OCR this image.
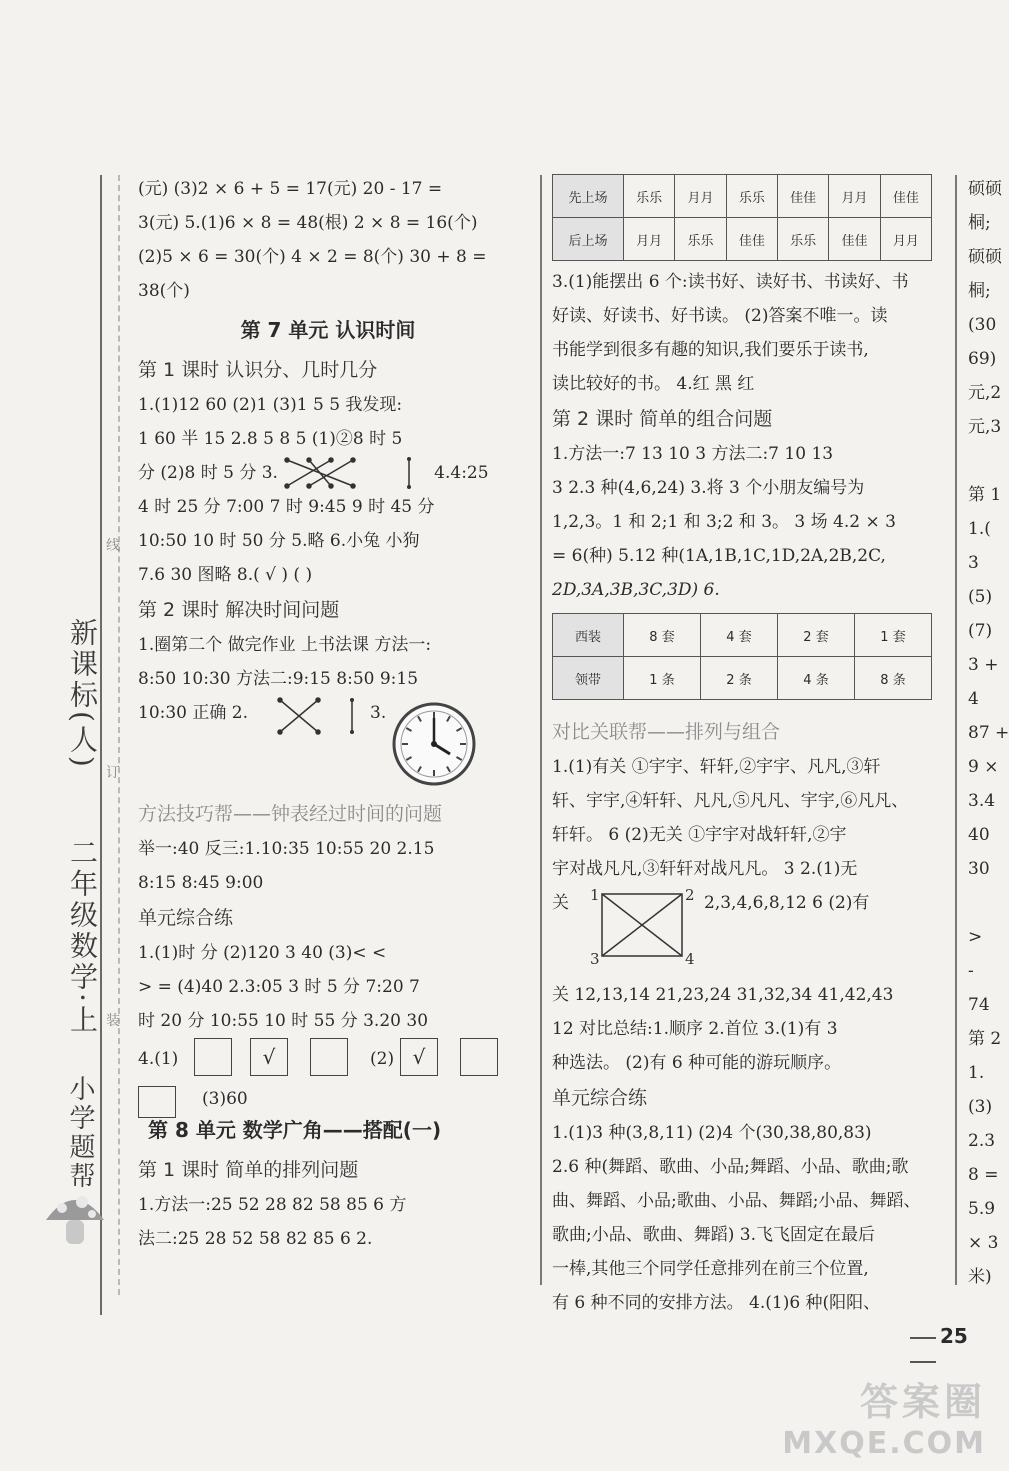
新课标(人)
二年级数学·上
小学题帮
线
订
装
(元) (3)2 × 6 + 5 = 17(元) 20 - 17 =
3(元) 5.(1)6 × 8 = 48(根) 2 × 8 = 16(个)
(2)5 × 6 = 30(个) 4 × 2 = 8(个) 30 + 8 =
38(个)
第 7 单元 认识时间
第 1 课时 认识分、几时几分
1.(1)12 60 (2)1 (3)1 5 5 我发现:
1 60 半 15 2.8 5 8 5 (1)②8 时 5
分 (2)8 时 5 分 3.	4.4:25
4 时 25 分 7:00 7 时 9:45 9 时 45 分
10:50 10 时 50 分 5.略 6.小兔 小狗
7.6 30 图略 8.( √ ) ( )
第 2 课时 解决时间问题
1.圈第二个 做完作业 上书法课 方法一:
8:50 10:30 方法二:9:15 8:50 9:15
10:30 正确 2.	3.
方法技巧帮——钟表经过时间的问题
举一:40 反三:1.10:35 10:55 20 2.15
8:15 8:45 9:00
单元综合练
1.(1)时 分 (2)120 3 40 (3)< <
> = (4)40 2.3:05 3 时 5 分 7:20 7
时 20 分 10:55 10 时 55 分 3.20 30
4.(1)	√	(2) √
(3)60
第 8 单元 数学广角——搭配(一)
第 1 课时 简单的排列问题
1.方法一:25 52 28 82 58 85 6 方
法二:25 28 52 58 82 85 6 2.
先上场	乐乐	月月	乐乐	佳佳	月月	佳佳
后上场	月月	乐乐	佳佳	乐乐	佳佳	月月
3.(1)能摆出 6 个:读书好、读好书、书读好、书
好读、好读书、好书读。 (2)答案不唯一。读
书能学到很多有趣的知识,我们要乐于读书,
读比较好的书。 4.红 黑 红
第 2 课时 简单的组合问题
1.方法一:7 13 10 3 方法二:7 10 13
3 2.3 种(4,6,24) 3.将 3 个小朋友编号为
1,2,3。1 和 2;1 和 3;2 和 3。 3 场 4.2 × 3
= 6(种) 5.12 种(1A,1B,1C,1D,2A,2B,2C,
2D,3A,3B,3C,3D) 6.
西装	8 套	4 套	2 套	1 套
领带	1 条	2 条	4 条	8 条
对比关联帮——排列与组合
1.(1)有关 ①宇宇、轩轩,②宇宇、凡凡,③轩
轩、宇宇,④轩轩、凡凡,⑤凡凡、宇宇,⑥凡凡、
轩轩。 6 (2)无关 ①宇宇对战轩轩,②宇
宇对战凡凡,③轩轩对战凡凡。 3 2.(1)无
关 1	2
3	4
2,3,4,6,8,12 6 (2)有
关 12,13,14 21,23,24 31,32,34 41,42,43
12 对比总结:1.顺序 2.首位 3.(1)有 3
种选法。 (2)有 6 种可能的游玩顺序。
单元综合练
1.(1)3 种(3,8,11) (2)4 个(30,38,80,83)
2.6 种(舞蹈、歌曲、小品;舞蹈、小品、歌曲;歌
曲、舞蹈、小品;歌曲、小品、舞蹈;小品、舞蹈、
歌曲;小品、歌曲、舞蹈) 3.飞飞固定在最后
一棒,其他三个同学任意排列在前三个位置,
有 6 种不同的安排方法。 4.(1)6 种(阳阳、
硕硕
桐;
硕硕
桐;
(30
69)
元,2
元,3
第 1
1.(
3
(5)
(7)
3 +
4
87 +
9 ×
3.4
40
30
>
-
74
第 2
1.
(3)
2.3
8 =
5.9
× 3
米)
25
答案圈
MXQE.COM
